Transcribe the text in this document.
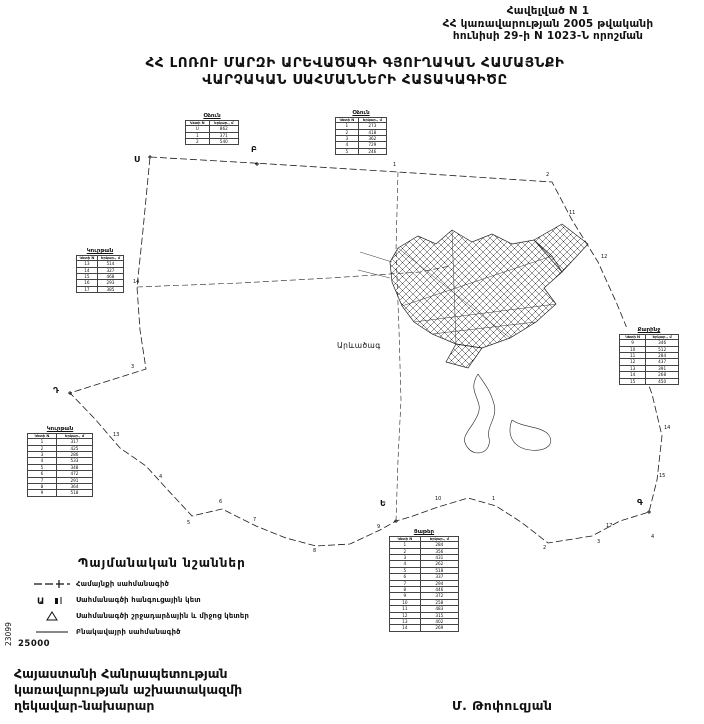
Հավելված N 1
ՀՀ կառավարության 2005 թվականի
հունիսի 29-ի N 1023-Ն որոշման
ՀՀ ԼՈՌՈՒ ՄԱՐԶԻ ԱՐԵՎԱԾԱԳԻ ԳՅՈՒՂԱԿԱՆ ՀԱՄԱՅՆՔԻ
ՎԱՐՉԱԿԱՆ ՍԱՀՄԱՆՆԵՐԻ ՀԱՏԱԿԱԳԻԾԸ
1
2
11
12
14
15
14
3
13
4
5
6
7
8
9
10	1
2
3
4
17
Ս
Բ
Դ
Գ
Ե
Արևածագ
Օձուն
Կետի N	Երկար., մ
Ս	862
1	371
2	540
Օձուն
Կետի N	Երկար., մ
1	273
2	418
3	362
4	729
5	246
Կուրթան
Կետի N	Երկար., մ
13	514
14	327
15	468
16	293
17	385
Քարինջ
Կետի N	Երկար., մ
9	346
10	512
11	284
12	437
13	391
14	268
15	450
Կուրթան
Կետի N	Երկար., մ
1	317
2	425
3	286
4	533
5	348
6	472
7	291
8	364
9	518
Ցաթեր
Կետի N	Երկար., մ
1	284
2	356
3	431
4	262
5	518
6	337
7	294
8	446
9	372
10	258
11	483
12	315
13	402
14	269
Պայմանական նշաններ
Համայնքի սահմանագիծ
Ա	Սահմանագծի հանգուցային կետ
Սահմանագծի շրջադարձային և միջոց կետեր
Բնակավայրի սահմանագիծ
25000
23099
Հայաստանի Հանրապետության
կառավարության աշխատակազմի
ղեկավար-նախարար	Մ. Թոփուզյան
